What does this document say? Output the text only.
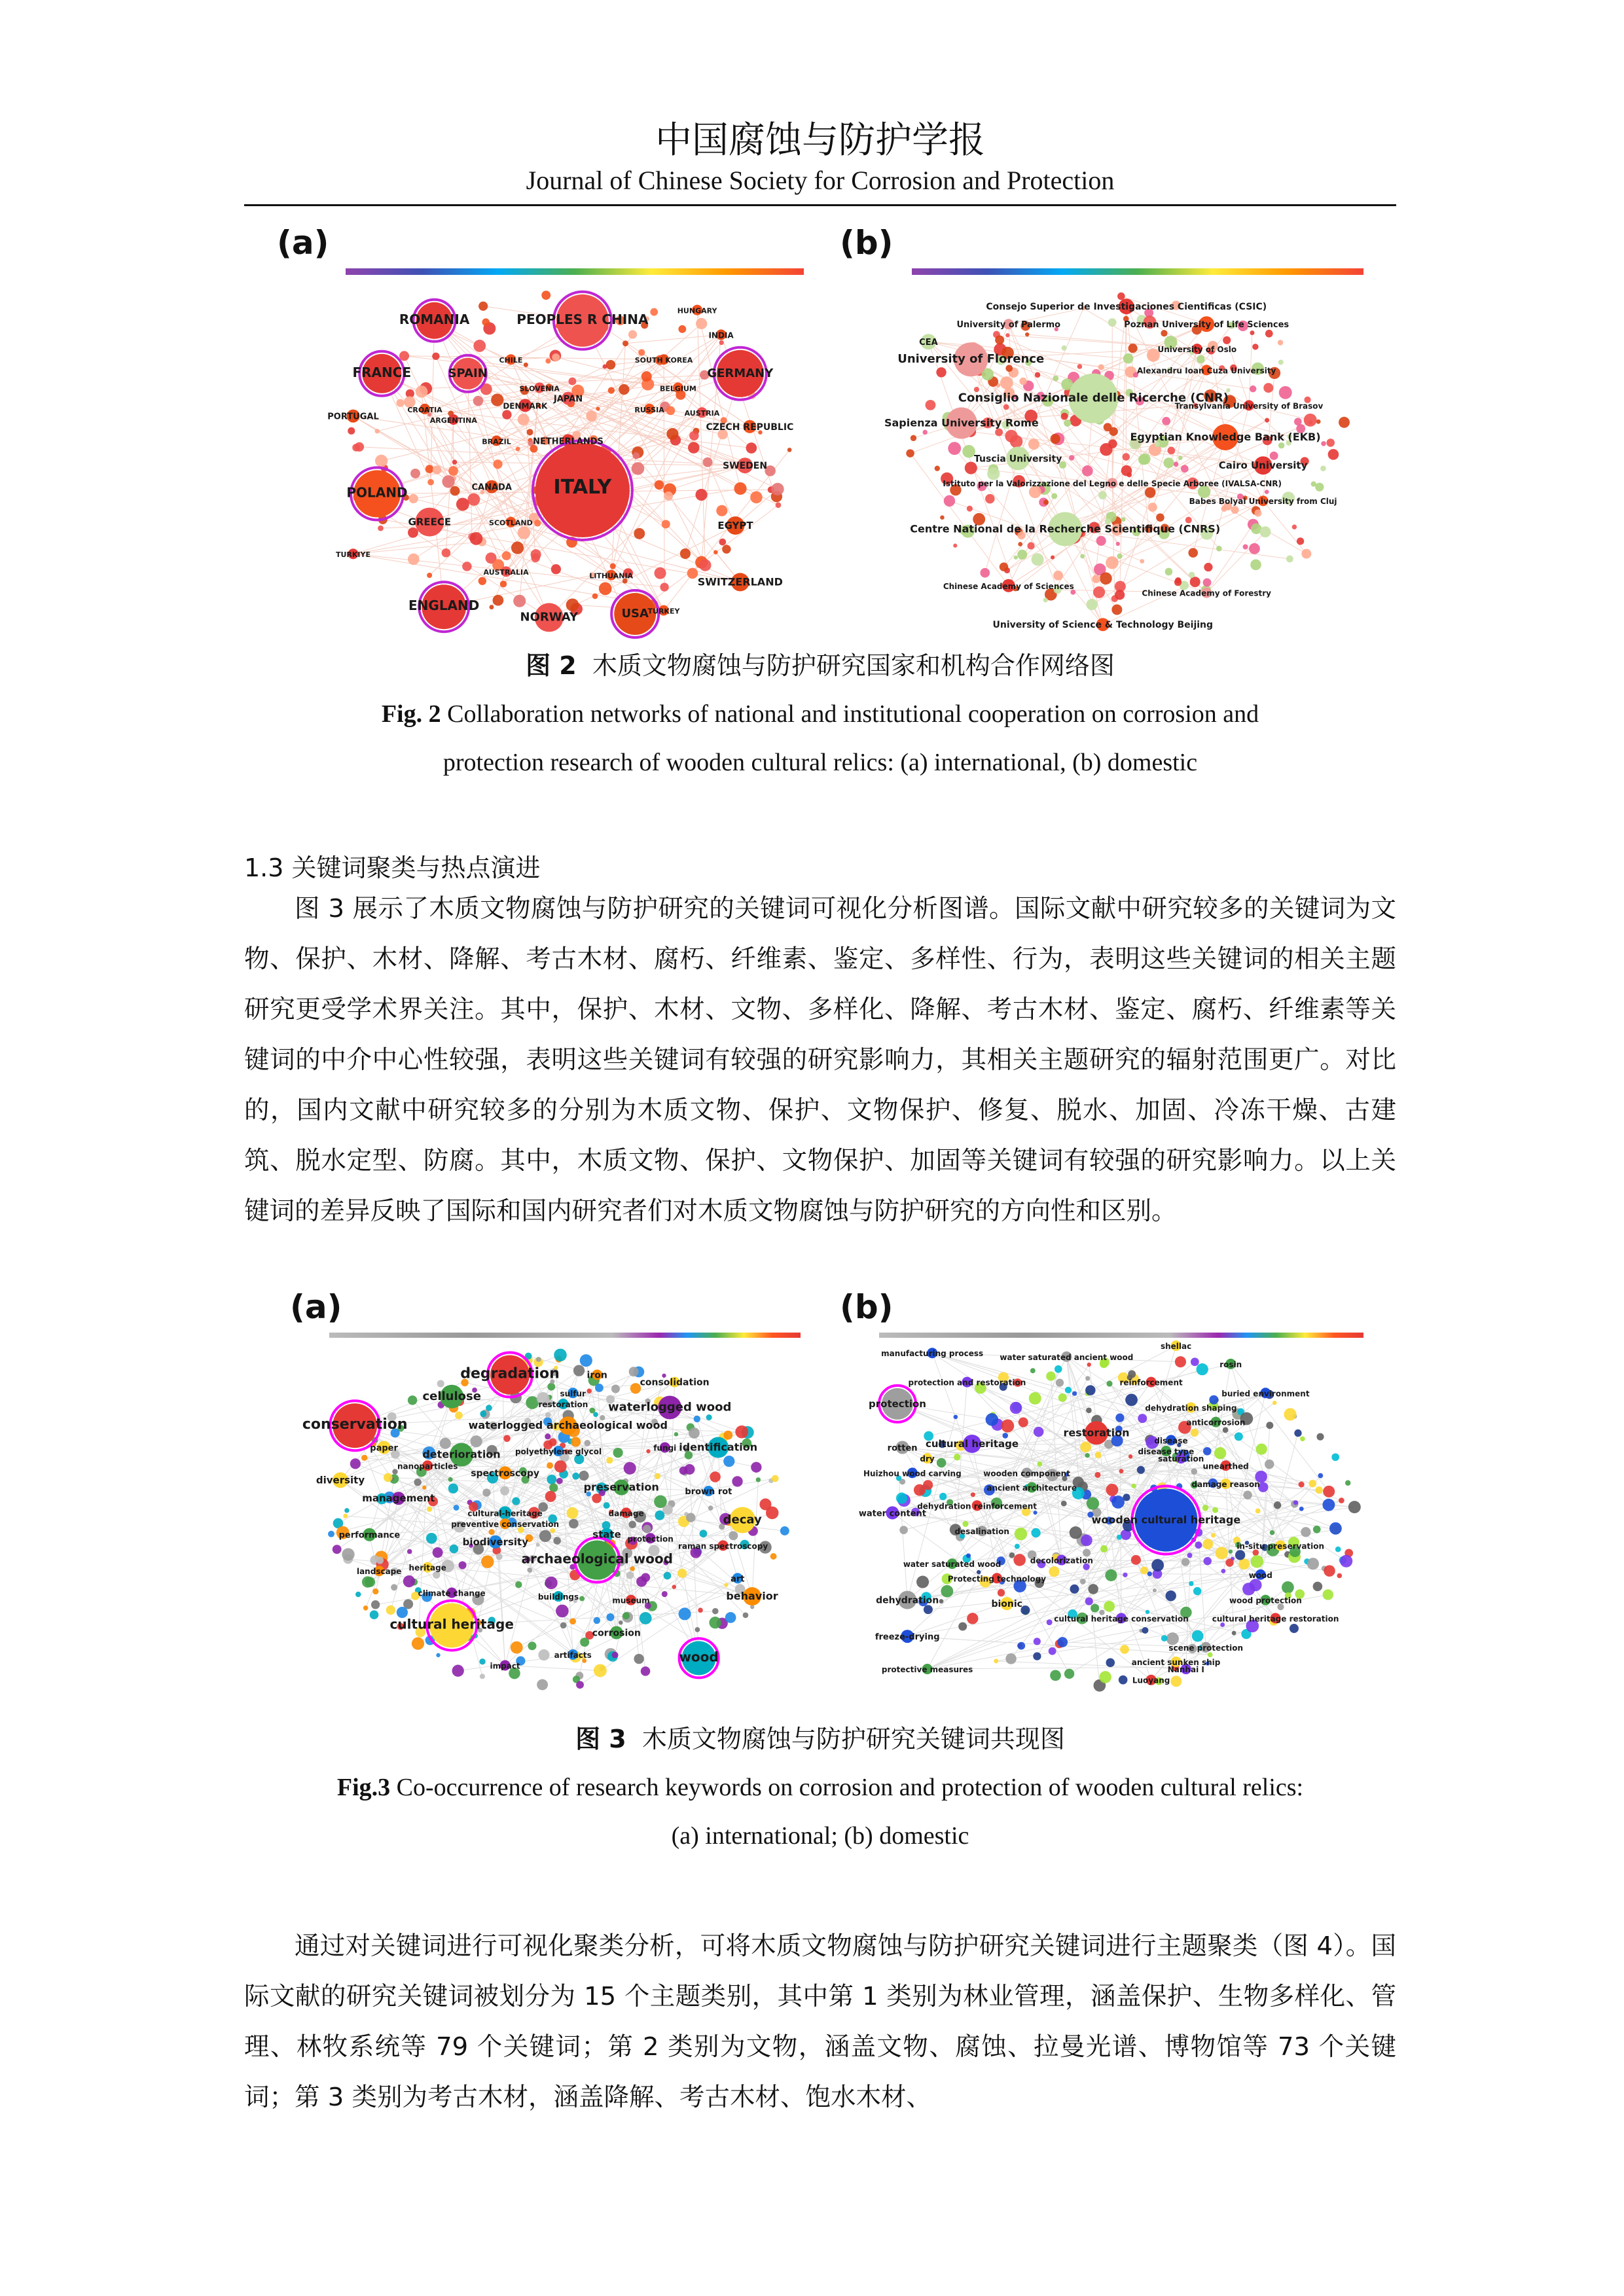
中国腐蚀与防护学报
Journal of Chinese Society for Corrosion and Protection
(a)
ROMANIA	PEOPLES R CHINA
HUNGARY
INDIA
FRANCE	SPAIN
CHILE	SOUTH KOREA
GERMANY
SLOVENIA	BELGIUM
CROATIA	DENMARK
JAPAN
RUSSIA
PORTUGAL	ARGENTINA
AUSTRIA
CZECH REPUBLIC
BRAZIL	NETHERLANDS
SWEDEN
POLAND	CANADA ITALY
GREECE	SCOTLAND	EGYPT
TURKIYE
AUSTRALIA	LITHUANIA	SWITZERLAND
ENGLAND
NORWAY	TURKEY
USA
(b)
Consejo Superior de Investigaciones Cientificas (CSIC)
University of Palermo	Poznan University of Life Sciences
CEA
University of Oslo
University of Florence
Alexandru Ioan Cuza University
Consiglio Nazionale delle Ricerche (CNR)
Transylvania University of Brasov
Sapienza University Rome
Egyptian Knowledge Bank (EKB)
Tuscia University
Cairo University
Istituto per la Valorizzazione del Legno e delle Specie Arboree (IVALSA-CNR)
Babes Bolyai University from Cluj
Centre National de la Recherche Scientifique (CNRS)
Chinese Academy of Sciences
Chinese Academy of Forestry
University of Science & Technology Beijing
图 2 木质文物腐蚀与防护研究国家和机构合作网络图
Fig. 2 Collaboration networks of national and institutional cooperation on corrosion and
protection research of wooden cultural relics: (a) international, (b) domestic
1.3 关键词聚类与热点演进

图 3 展示了木质文物腐蚀与防护研究的关键词可视化分析图谱。国际文献中研究较多的关键词为文物、保护、木材、降解、考古木材、腐朽、纤维素、鉴定、多样性、行为，表明这些关键词的相关主题研究更受学术界关注。其中，保护、木材、文物、多样化、降解、考古木材、鉴定、腐朽、纤维素等关键词的中介中心性较强，表明这些关键词有较强的研究影响力，其相关主题研究的辐射范围更广。对比的，国内文献中研究较多的分别为木质文物、保护、文物保护、修复、脱水、加固、冷冻干燥、古建筑、脱水定型、防腐。其中，木质文物、保护、文物保护、加固等关键词有较强的研究影响力。以上关键词的差异反映了国际和国内研究者们对木质文物腐蚀与防护研究的方向性和区别。

(a)
degradation	iron
consolidation
cellulose	sulfur
waterlogged wood
restoration
conservation	waterlogged archaeological wood
paper deterioration polyethylene glycol	fungi identification
nanoparticles
spectroscopy
diversity
preservation	brown rot
management
cultural-heritage	damage
preventive conservation	decay
performance
biodiversity	protection
state
raman spectroscopy
landscape heritage
archaeological wood
art
climate change	buildings	museum	behavior
cultural heritage
corrosion
artifacts
impact
wood
(b)
manufacturing process water saturated ancient wood
shellac
rosin
protection and restoration	reinforcement
buried environment
protection	dehydration shaping
anticorrosion
cultural heritage
restoration
disease
rotten
dry
disease type
saturation
unearthed
Huizhou wood carving	wooden component
damage reason
ancient architecture
water content
dehydration reinforcement
wooden cultural heritage
desalination
in-situ preservation
water saturated wood	decolorization
Protecting technology	wood
dehydration	bionic	wood protection
cultural heritage conservation	cultural heritage restoration
freeze-drying
scene protection
ancient sunken ship
protective measures	Nanhai I
Luoyang
图 3 木质文物腐蚀与防护研究关键词共现图
Fig.3 Co-occurrence of research keywords on corrosion and protection of wooden cultural relics:
(a) international; (b) domestic

通过对关键词进行可视化聚类分析，可将木质文物腐蚀与防护研究关键词进行主题聚类（图 4）。国际文献的研究关键词被划分为 15 个主题类别，其中第 1 类别为林业管理，涵盖保护、生物多样化、管理、林牧系统等 79 个关键词；第 2 类别为文物，涵盖文物、腐蚀、拉曼光谱、博物馆等 73 个关键词；第 3 类别为考古木材，涵盖降解、考古木材、饱水木材、
